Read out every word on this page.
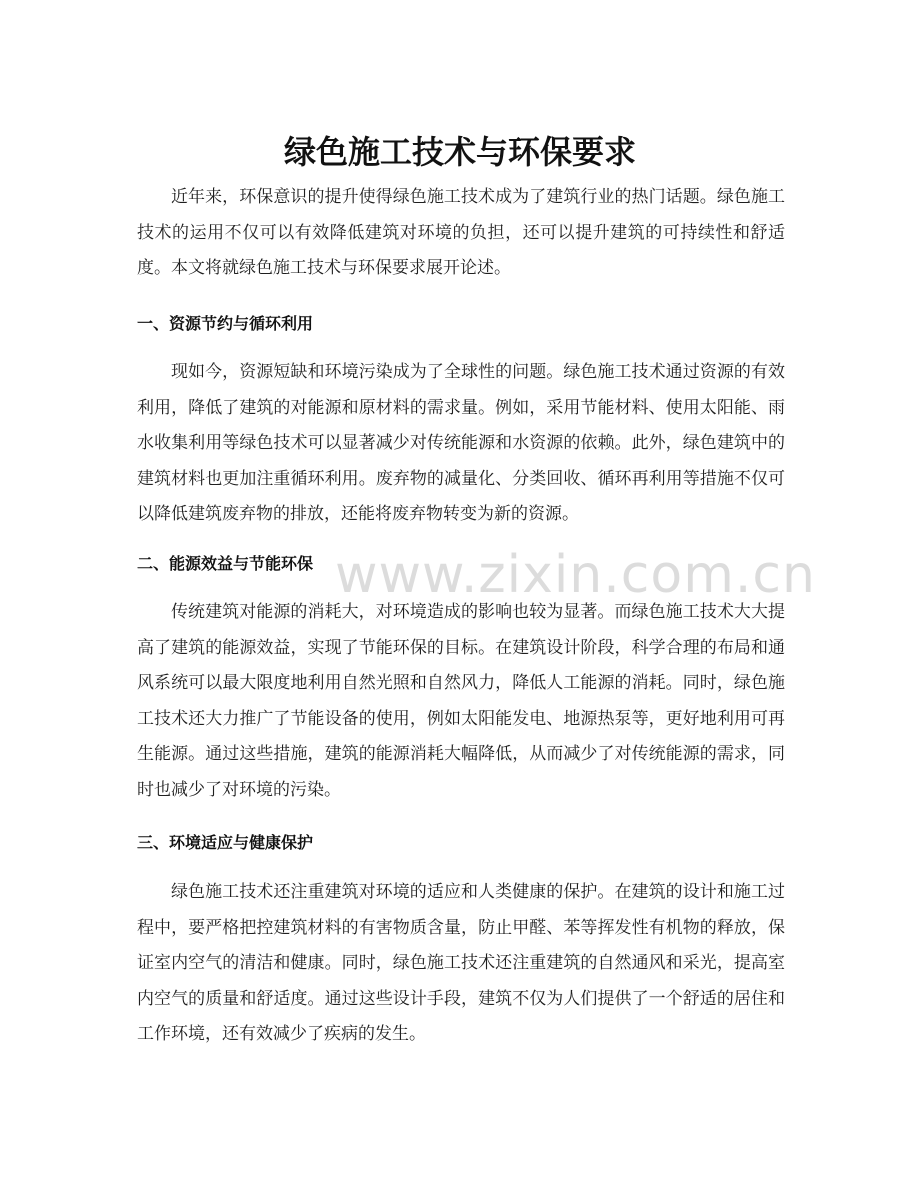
绿色施工技术与环保要求

近年来，环保意识的提升使得绿色施工技术成为了建筑行业的热门话题。绿色施工技术的运用不仅可以有效降低建筑对环境的负担，还可以提升建筑的可持续性和舒适度。本文将就绿色施工技术与环保要求展开论述。

一、资源节约与循环利用

现如今，资源短缺和环境污染成为了全球性的问题。绿色施工技术通过资源的有效利用，降低了建筑的对能源和原材料的需求量。例如，采用节能材料、使用太阳能、雨水收集利用等绿色技术可以显著减少对传统能源和水资源的依赖。此外，绿色建筑中的建筑材料也更加注重循环利用。废弃物的减量化、分类回收、循环再利用等措施不仅可以降低建筑废弃物的排放，还能将废弃物转变为新的资源。

二、能源效益与节能环保

传统建筑对能源的消耗大，对环境造成的影响也较为显著。而绿色施工技术大大提高了建筑的能源效益，实现了节能环保的目标。在建筑设计阶段，科学合理的布局和通风系统可以最大限度地利用自然光照和自然风力，降低人工能源的消耗。同时，绿色施工技术还大力推广了节能设备的使用，例如太阳能发电、地源热泵等，更好地利用可再生能源。通过这些措施，建筑的能源消耗大幅降低，从而减少了对传统能源的需求，同时也减少了对环境的污染。

三、环境适应与健康保护

绿色施工技术还注重建筑对环境的适应和人类健康的保护。在建筑的设计和施工过程中，要严格把控建筑材料的有害物质含量，防止甲醛、苯等挥发性有机物的释放，保证室内空气的清洁和健康。同时，绿色施工技术还注重建筑的自然通风和采光，提高室内空气的质量和舒适度。通过这些设计手段，建筑不仅为人们提供了一个舒适的居住和工作环境，还有效减少了疾病的发生。

www.zixin.com.cn
